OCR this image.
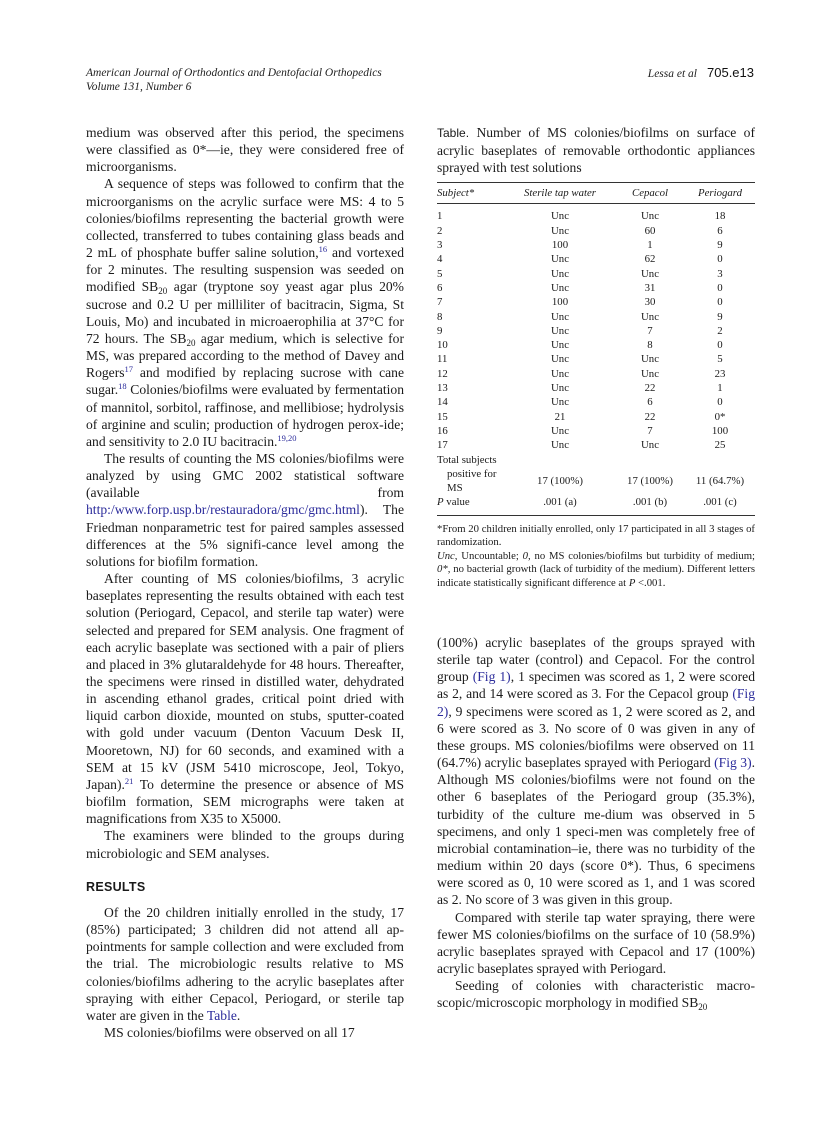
American Journal of Orthodontics and Dentofacial Orthopedics
Volume 131, Number 6
Lessa et al 705.e13

medium was observed after this period, the specimens were classified as 0*—ie, they were considered free of microorganisms.

A sequence of steps was followed to confirm that the microorganisms on the acrylic surface were MS: 4 to 5 colonies/biofilms representing the bacterial growth were collected, transferred to tubes containing glass beads and 2 mL of phosphate buffer saline solution,$^{16}$ and vortexed for 2 minutes. The resulting suspension was seeded on modified $SB_{20}$ agar (tryptone soy yeast agar plus 20% sucrose and 0.2 U per milliliter of bacitracin, Sigma, St Louis, Mo) and incubated in microaerophilia at 37°C for 72 hours. The $SB_{20}$ agar medium, which is selective for MS, was prepared according to the method of Davey and Rogers$^{17}$ and modified by replacing sucrose with cane sugar.$^{18}$ Colonies/biofilms were evaluated by fermentation of mannitol, sorbitol, raffinose, and mellibiose; hydrolysis of arginine and sculin; production of hydrogen perox-ide; and sensitivity to 2.0 IU bacitracin.$^{19,20}$

The results of counting the MS colonies/biofilms were analyzed by using GMC 2002 statistical software (available from http:/www.forp.usp.br/restauradora/gmc/gmc.html). The Friedman nonparametric test for paired samples assessed differences at the 5% signifi-cance level among the solutions for biofilm formation.

After counting of MS colonies/biofilms, 3 acrylic baseplates representing the results obtained with each test solution (Periogard, Cepacol, and sterile tap water) were selected and prepared for SEM analysis. One fragment of each acrylic baseplate was sectioned with a pair of pliers and placed in 3% glutaraldehyde for 48 hours. Thereafter, the specimens were rinsed in distilled water, dehydrated in ascending ethanol grades, critical point dried with liquid carbon dioxide, mounted on stubs, sputter-coated with gold under vacuum (Denton Vacuum Desk II, Mooretown, NJ) for 60 seconds, and examined with a SEM at 15 kV (JSM 5410 microscope, Jeol, Tokyo, Japan).$^{21}$ To determine the presence or absence of MS biofilm formation, SEM micrographs were taken at magnifications from X35 to X5000.

The examiners were blinded to the groups during microbiologic and SEM analyses.

RESULTS

Of the 20 children initially enrolled in the study, 17 (85%) participated; 3 children did not attend all ap-pointments for sample collection and were excluded from the trial. The microbiologic results relative to MS colonies/biofilms adhering to the acrylic baseplates after spraying with either Cepacol, Periogard, or sterile tap water are given in the Table.

MS colonies/biofilms were observed on all 17

Table. Number of MS colonies/biofilms on surface of acrylic baseplates of removable orthodontic appliances sprayed with test solutions
Subject*	Sterile tap water	Cepacol	Periogard
1	Unc	Unc	18
2	Unc	60	6
3	100	1	9
4	Unc	62	0
5	Unc	Unc	3
6	Unc	31	0
7	100	30	0
8	Unc	Unc	9
9	Unc	7	2
10	Unc	8	0
11	Unc	Unc	5
12	Unc	Unc	23
13	Unc	22	1
14	Unc	6	0
15	21	22	0*
16	Unc	7	100
17	Unc	Unc	25
Total subjects			
positive for MS	17 (100%)	17 (100%)	11 (64.7%)
P value	.001 (a)	.001 (b)	.001 (c)

*From 20 children initially enrolled, only 17 participated in all 3 stages of randomization.

Unc, Uncountable; 0, no MS colonies/biofilms but turbidity of medium; 0*, no bacterial growth (lack of turbidity of the medium). Different letters indicate statistically significant difference at P <.001.

(100%) acrylic baseplates of the groups sprayed with sterile tap water (control) and Cepacol. For the control group (Fig 1), 1 specimen was scored as 1, 2 were scored as 2, and 14 were scored as 3. For the Cepacol group (Fig 2), 9 specimens were scored as 1, 2 were scored as 2, and 6 were scored as 3. No score of 0 was given in any of these groups. MS colonies/biofilms were observed on 11 (64.7%) acrylic baseplates sprayed with Periogard (Fig 3). Although MS colonies/biofilms were not found on the other 6 baseplates of the Periogard group (35.3%), turbidity of the culture me-dium was observed in 5 specimens, and only 1 speci-men was completely free of microbial contamination–ie, there was no turbidity of the medium within 20 days (score 0*). Thus, 6 specimens were scored as 0, 10 were scored as 1, and 1 was scored as 2. No score of 3 was given in this group.

Compared with sterile tap water spraying, there were fewer MS colonies/biofilms on the surface of 10 (58.9%) acrylic baseplates sprayed with Cepacol and 17 (100%) acrylic baseplates sprayed with Periogard.

Seeding of colonies with characteristic macro-scopic/microscopic morphology in modified $SB_{20}$
